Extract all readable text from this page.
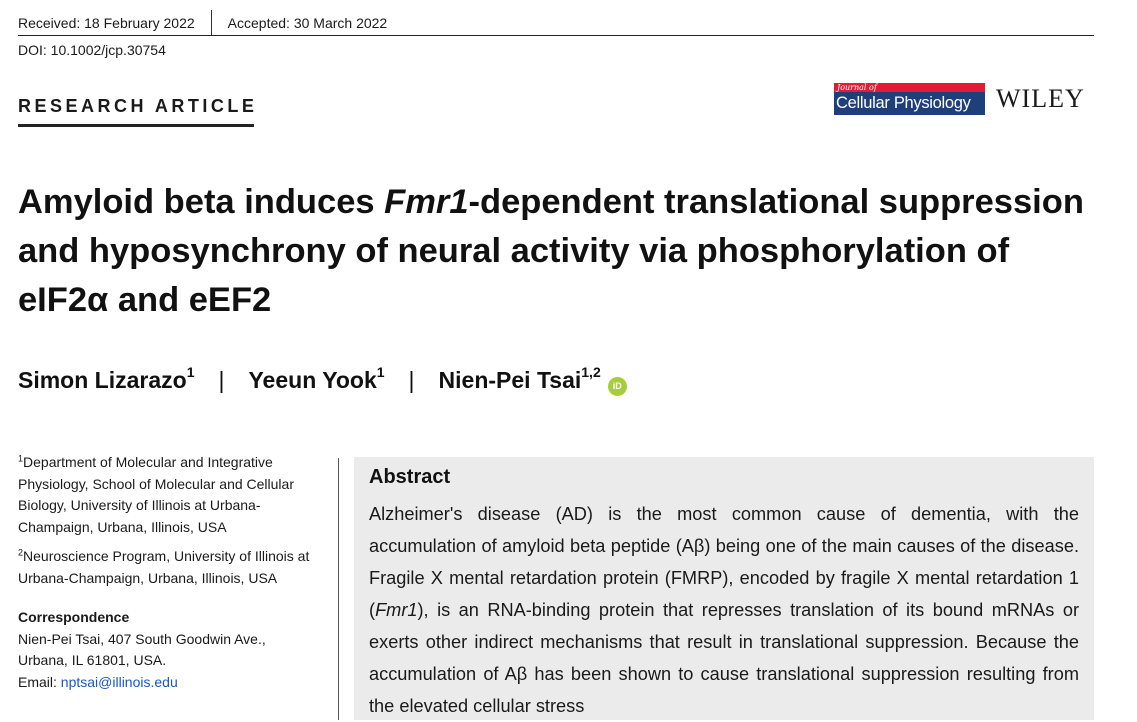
Received: 18 February 2022 Accepted: 30 March 2022
DOI: 10.1002/jcp.30754
RESEARCH ARTICLE
Journal of
Cellular Physiology WILEY
Amyloid beta induces Fmr1-dependent translational suppression and hyposynchrony of neural activity via phosphorylation of eIF2α and eEF2
Simon Lizarazo$^1$ | Yeeun Yook$^1$ | Nien-Pei Tsai$^{1,2}$
iD

$^1$Department of Molecular and Integrative Physiology, School of Molecular and Cellular Biology, University of Illinois at Urbana-Champaign, Urbana, Illinois, USA

$^2$Neuroscience Program, University of Illinois at Urbana-Champaign, Urbana, Illinois, USA

Correspondence

Nien-Pei Tsai, 407 South Goodwin Ave.,

Urbana, IL 61801, USA.

Email: nptsai@illinois.edu

Abstract
Alzheimer's disease (AD) is the most common cause of dementia, with the accumulation of amyloid beta peptide (Aβ) being one of the main causes of the disease. Fragile X mental retardation protein (FMRP), encoded by fragile X mental retardation 1 (Fmr1), is an RNA-binding protein that represses translation of its bound mRNAs or exerts other indirect mechanisms that result in translational suppression. Because the accumulation of Aβ has been shown to cause translational suppression resulting from the elevated cellular stress
